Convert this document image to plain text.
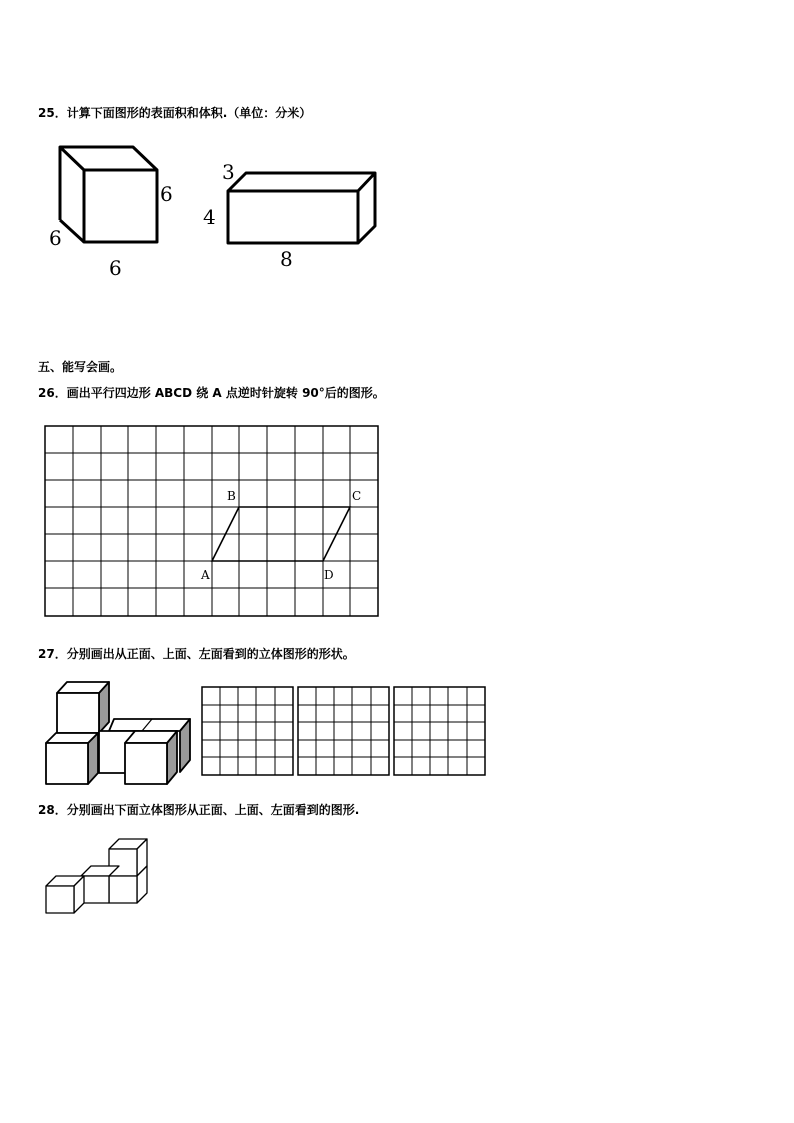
25．计算下面图形的表面积和体积.（单位：分米）
五、能写会画。
26．画出平行四边形 ABCD 绕 A 点逆时针旋转 90°后的图形。
27．分别画出从正面、上面、左面看到的立体图形的形状。
28．分别画出下面立体图形从正面、上面、左面看到的图形.
6
6
6
3
4
8
A
B	C
D
